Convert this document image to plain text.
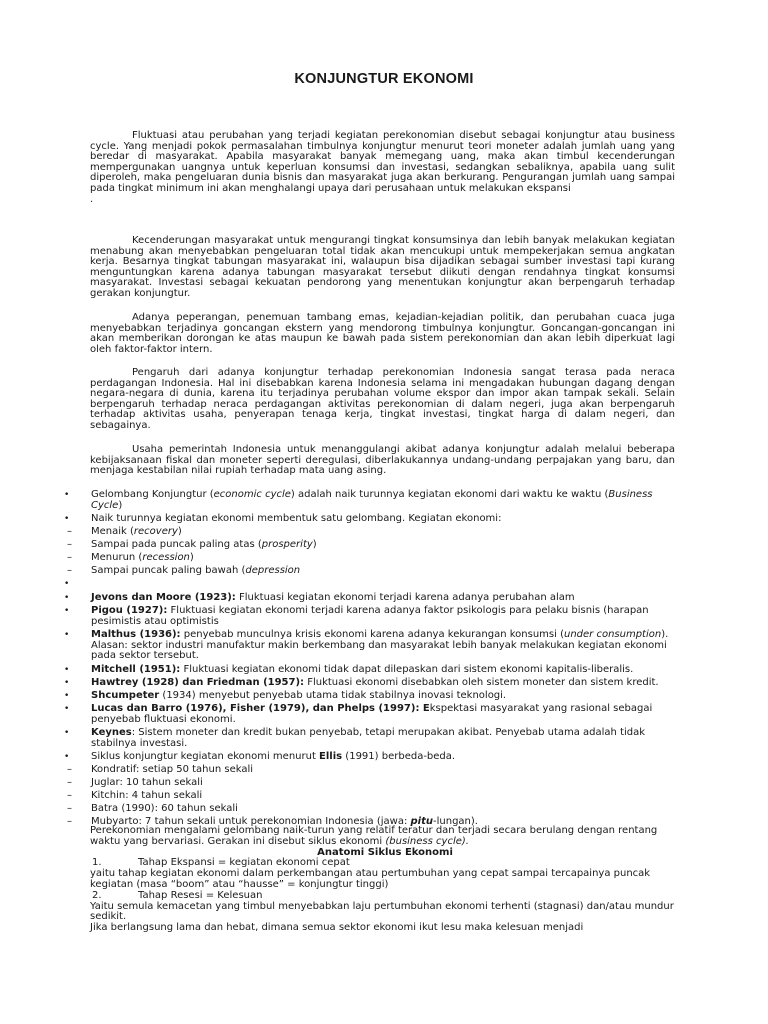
KONJUNGTUR EKONOMI

Fluktuasi atau perubahan yang terjadi kegiatan perekonomian disebut sebagai konjungtur atau business cycle. Yang menjadi pokok permasalahan timbulnya konjungtur menurut teori moneter adalah jumlah uang yang beredar di masyarakat. Apabila masyarakat banyak memegang uang, maka akan timbul kecenderungan mempergunakan uangnya untuk keperluan konsumsi dan investasi, sedangkan sebaliknya, apabila uang sulit diperoleh, maka pengeluaran dunia bisnis dan masyarakat juga akan berkurang. Pengurangan jumlah uang sampai pada tingkat minimum ini akan menghalangi upaya dari perusahaan untuk melakukan ekspansi
.

Kecenderungan masyarakat untuk mengurangi tingkat konsumsinya dan lebih banyak melakukan kegiatan menabung akan menyebabkan pengeluaran total tidak akan mencukupi untuk mempekerjakan semua angkatan kerja. Besarnya tingkat tabungan masyarakat ini, walaupun bisa dijadikan sebagai sumber investasi tapi kurang menguntungkan karena adanya tabungan masyarakat tersebut diikuti dengan rendahnya tingkat konsumsi masyarakat. Investasi sebagai kekuatan pendorong yang menentukan konjungtur akan berpengaruh terhadap gerakan konjungtur.

Adanya peperangan, penemuan tambang emas, kejadian-kejadian politik, dan perubahan cuaca juga menyebabkan terjadinya goncangan ekstern yang mendorong timbulnya konjungtur. Goncangan-goncangan ini akan memberikan dorongan ke atas maupun ke bawah pada sistem perekonomian dan akan lebih diperkuat lagi oleh faktor-faktor intern.

Pengaruh dari adanya konjungtur terhadap perekonomian Indonesia sangat terasa pada neraca perdagangan Indonesia. Hal ini disebabkan karena Indonesia selama ini mengadakan hubungan dagang dengan negara-negara di dunia, karena itu terjadinya perubahan volume ekspor dan impor akan tampak sekali. Selain berpengaruh terhadap neraca perdagangan aktivitas perekonomian di dalam negeri, juga akan berpengaruh terhadap aktivitas usaha, penyerapan tenaga kerja, tingkat investasi, tingkat harga di dalam negeri, dan sebagainya.

Usaha pemerintah Indonesia untuk menanggulangi akibat adanya konjungtur adalah melalui beberapa kebijaksanaan fiskal dan moneter seperti deregulasi, diberlakukannya undang-undang perpajakan yang baru, dan menjaga kestabilan nilai rupiah terhadap mata uang asing.

•	Gelombang Konjungtur (economic cycle) adalah naik turunnya kegiatan ekonomi dari waktu ke waktu (Business Cycle)
•	Naik turunnya kegiatan ekonomi membentuk satu gelombang. Kegiatan ekonomi:
–	Menaik (recovery)
–	Sampai pada puncak paling atas (prosperity)
–	Menurun (recession)
–	Sampai puncak paling bawah (depression
•

•	Jevons dan Moore (1923): Fluktuasi kegiatan ekonomi terjadi karena adanya perubahan alam
•	Pigou (1927): Fluktuasi kegiatan ekonomi terjadi karena adanya faktor psikologis para pelaku bisnis (harapan pesimistis atau optimistis
•	Malthus (1936): penyebab munculnya krisis ekonomi karena adanya kekurangan konsumsi (under consumption). Alasan: sektor industri manufaktur makin berkembang dan masyarakat lebih banyak melakukan kegiatan ekonomi pada sektor tersebut.
•	Mitchell (1951): Fluktuasi kegiatan ekonomi tidak dapat dilepaskan dari sistem ekonomi kapitalis-liberalis.
•	Hawtrey (1928) dan Friedman (1957): Fluktuasi ekonomi disebabkan oleh sistem moneter dan sistem kredit.
•	Shcumpeter (1934) menyebut penyebab utama tidak stabilnya inovasi teknologi.
•	Lucas dan Barro (1976), Fisher (1979), dan Phelps (1997): Ekspektasi masyarakat yang rasional sebagai penyebab fluktuasi ekonomi.
•	Keynes: Sistem moneter dan kredit bukan penyebab, tetapi merupakan akibat. Penyebab utama adalah tidak stabilnya investasi.
•	Siklus konjungtur kegiatan ekonomi menurut Ellis (1991) berbeda-beda.
–	Kondratif: setiap 50 tahun sekali
–	Juglar: 10 tahun sekali
–	Kitchin: 4 tahun sekali
–	Batra (1990): 60 tahun sekali
–	Mubyarto: 7 tahun sekali untuk perekonomian Indonesia (jawa: pitu-lungan).
Perekonomian mengalami gelombang naik-turun yang relatif teratur dan terjadi secara berulang dengan rentang waktu yang bervariasi. Gerakan ini disebut siklus ekonomi (business cycle).
Anatomi Siklus Ekonomi
1.	Tahap Ekspansi = kegiatan ekonomi cepat
yaitu tahap kegiatan ekonomi dalam perkembangan atau pertumbuhan yang cepat sampai tercapainya puncak kegiatan (masa “boom” atau “hausse” = konjungtur tinggi)
2.	Tahap Resesi = Kelesuan
Yaitu semula kemacetan yang timbul menyebabkan laju pertumbuhan ekonomi terhenti (stagnasi) dan/atau mundur sedikit.
Jika berlangsung lama dan hebat, dimana semua sektor ekonomi ikut lesu maka kelesuan menjadi
